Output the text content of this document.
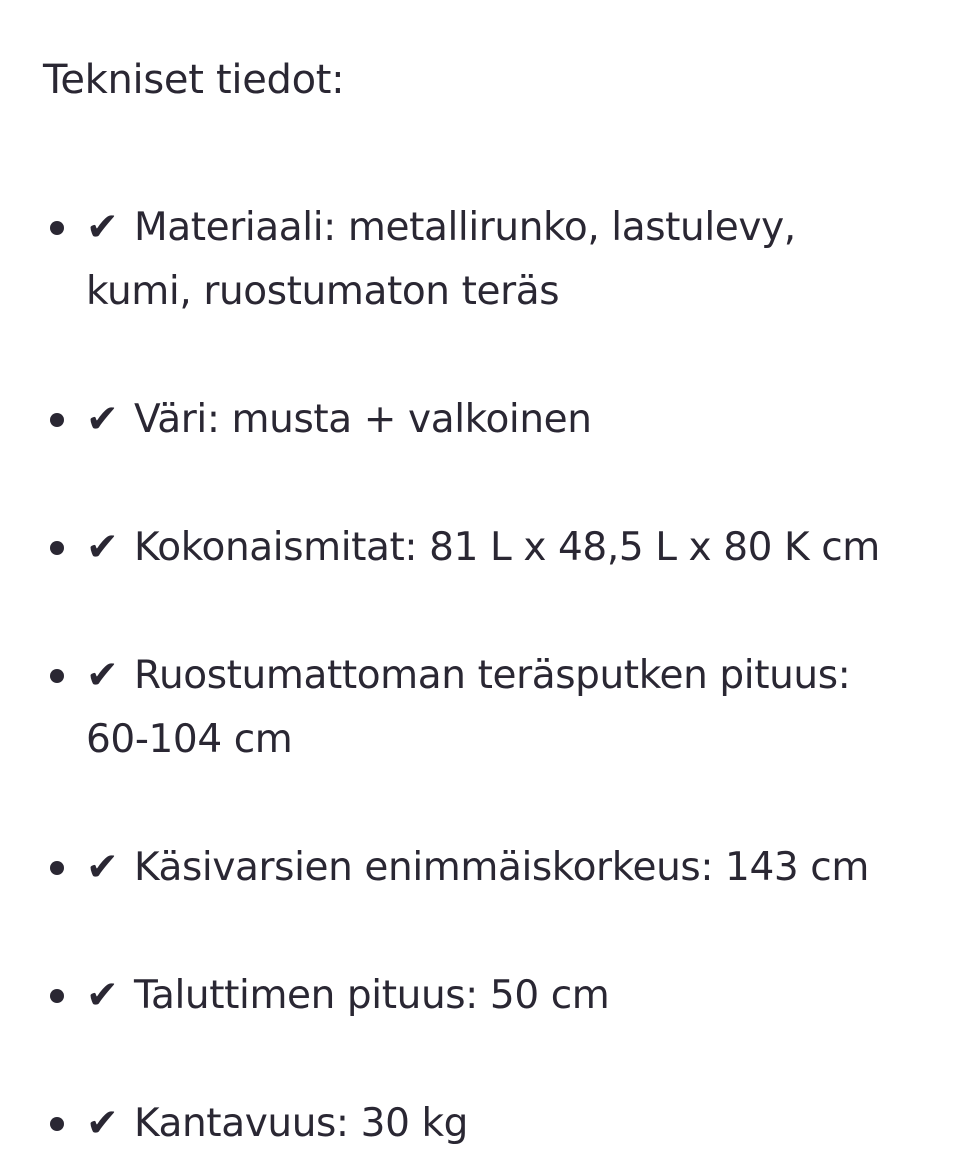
Tekniset tiedot:
✔ Materiaali: metallirunko, lastulevy, kumi, ruostumaton teräs
✔ Väri: musta + valkoinen
✔ Kokonaismitat: 81 L x 48,5 L x 80 K cm
✔ Ruostumattoman teräsputken pituus: 60-104 cm
✔ Käsivarsien enimmäiskorkeus: 143 cm
✔ Taluttimen pituus: 50 cm
✔ Kantavuus: 30 kg
